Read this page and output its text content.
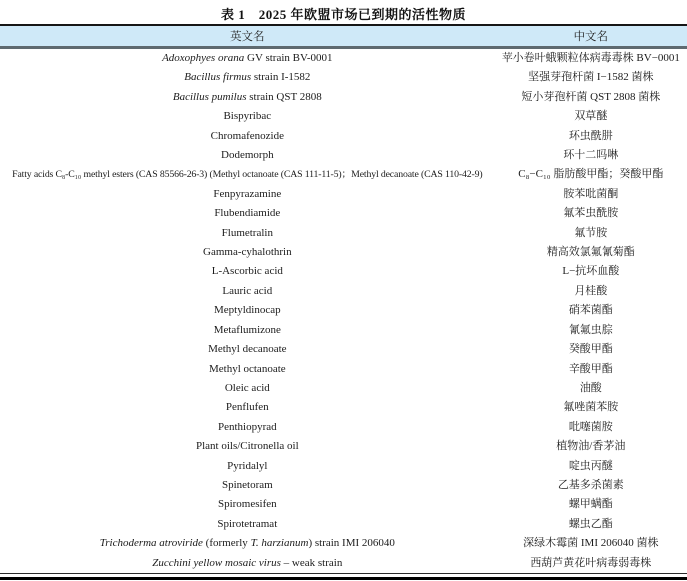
表 1　2025 年欧盟市场已到期的活性物质
英文名	中文名
Adoxophyes orana GV strain BV-0001	苹小卷叶蛾颗粒体病毒毒株 BV−0001
Bacillus firmus strain I-1582	坚强芽孢杆菌 I−1582 菌株
Bacillus pumilus strain QST 2808	短小芽孢杆菌 QST 2808 菌株
Bispyribac	双草醚
Chromafenozide	环虫酰肼
Dodemorph	环十二吗啉
Fatty acids C₈-C₁₀ methyl esters (CAS 85566-26-3) (Methyl octanoate (CAS 111-11-5)；Methyl decanoate (CAS 110-42-9)	C₈−C₁₀ 脂肪酸甲酯；癸酸甲酯
Fenpyrazamine	胺苯吡菌酮
Flubendiamide	氟苯虫酰胺
Flumetralin	氟节胺
Gamma-cyhalothrin	精高效氯氟氰菊酯
L-Ascorbic acid	L−抗坏血酸
Lauric acid	月桂酸
Meptyldinocap	硝苯菌酯
Metaflumizone	氰氟虫腙
Methyl decanoate	癸酸甲酯
Methyl octanoate	辛酸甲酯
Oleic acid	油酸
Penflufen	氟唑菌苯胺
Penthiopyrad	吡噻菌胺
Plant oils/Citronella oil	植物油/香茅油
Pyridalyl	啶虫丙醚
Spinetoram	乙基多杀菌素
Spiromesifen	螺甲螨酯
Spirotetramat	螺虫乙酯
Trichoderma atroviride (formerly T. harzianum) strain IMI 206040	深绿木霉菌 IMI 206040 菌株
Zucchini yellow mosaic virus – weak strain	西葫芦黄花叶病毒弱毒株
